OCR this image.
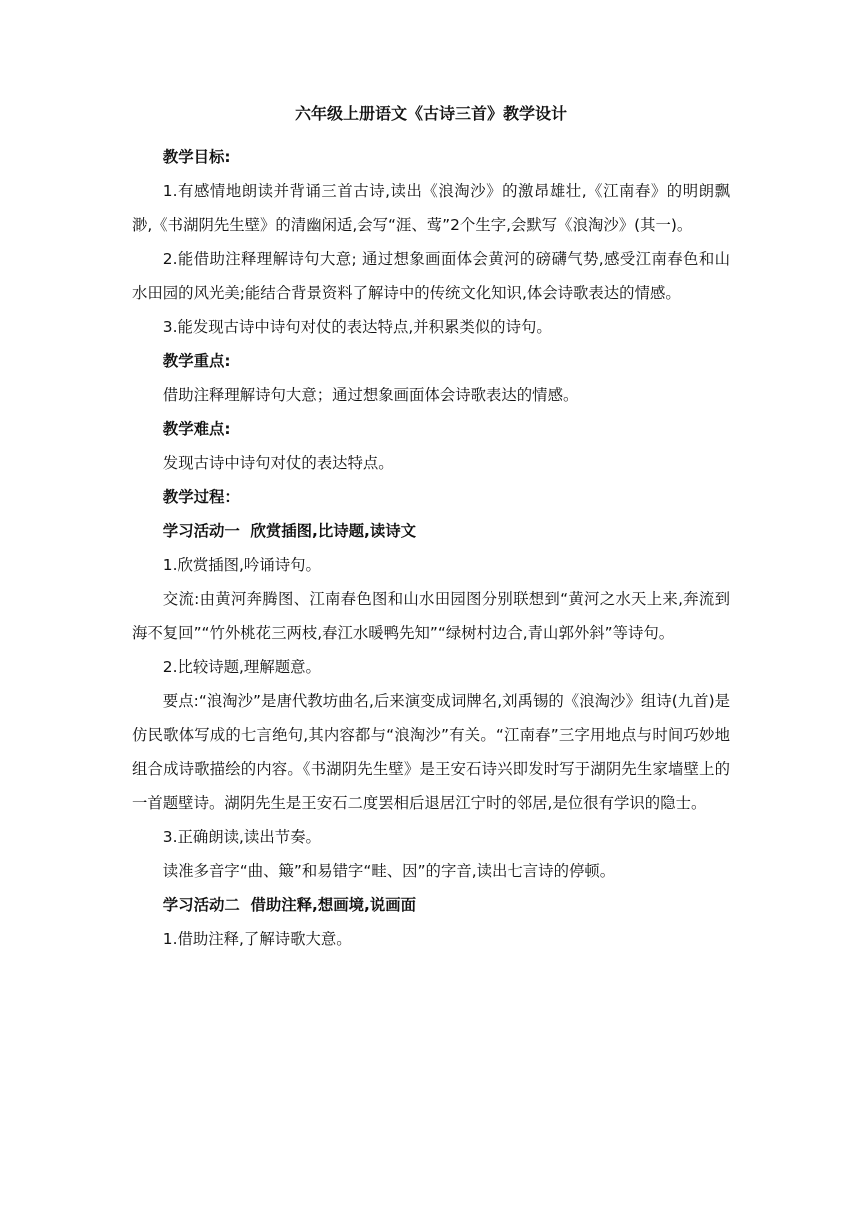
六年级上册语文《古诗三首》教学设计
教学目标:
1.有感情地朗读并背诵三首古诗,读出《浪淘沙》的激昂雄壮,《江南春》的明朗飘渺,《书湖阴先生壁》的清幽闲适,会写“涯、莺”2个生字,会默写《浪淘沙》(其一)。
2.能借助注释理解诗句大意; 通过想象画面体会黄河的磅礴气势,感受江南春色和山水田园的风光美;能结合背景资料了解诗中的传统文化知识,体会诗歌表达的情感。
3.能发现古诗中诗句对仗的表达特点,并积累类似的诗句。
教学重点:
借助注释理解诗句大意；通过想象画面体会诗歌表达的情感。
教学难点:
发现古诗中诗句对仗的表达特点。
教学过程：
学习活动一  欣赏插图,比诗题,读诗文
1.欣赏插图,吟诵诗句。
交流:由黄河奔腾图、江南春色图和山水田园图分别联想到“黄河之水天上来,奔流到海不复回”“竹外桃花三两枝,春江水暖鸭先知”“绿树村边合,青山郭外斜”等诗句。
2.比较诗题,理解题意。
要点:“浪淘沙”是唐代教坊曲名,后来演变成词牌名,刘禹锡的《浪淘沙》组诗(九首)是仿民歌体写成的七言绝句,其内容都与“浪淘沙”有关。“江南春”三字用地点与时间巧妙地组合成诗歌描绘的内容。《书湖阴先生壁》是王安石诗兴即发时写于湖阴先生家墙壁上的一首题壁诗。湖阴先生是王安石二度罢相后退居江宁时的邻居,是位很有学识的隐士。
3.正确朗读,读出节奏。
读准多音字“曲、簸”和易错字“畦、因”的字音,读出七言诗的停顿。
学习活动二  借助注释,想画境,说画面
1.借助注释,了解诗歌大意。
